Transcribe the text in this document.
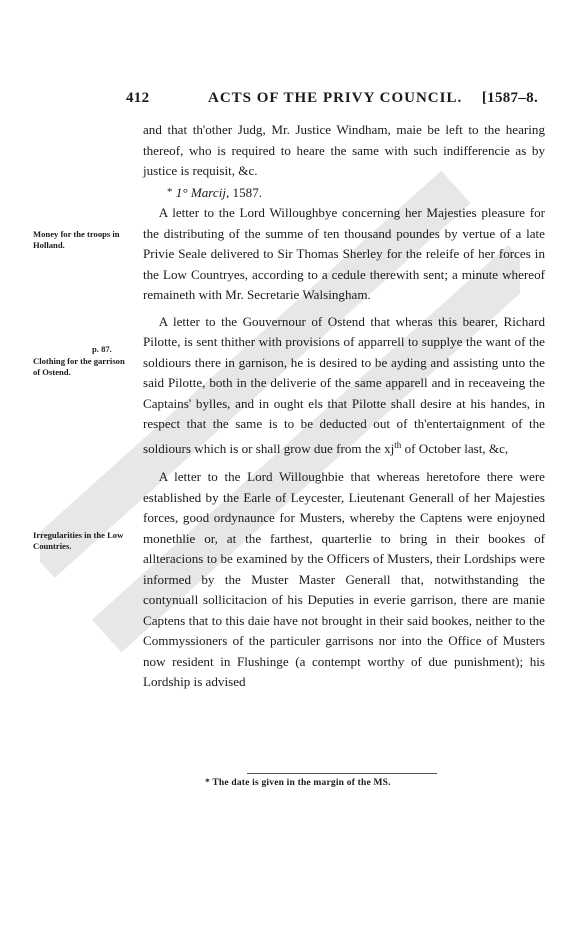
412	ACTS OF THE PRIVY COUNCIL. [1587–8.
Money for the troops in Holland.
p. 87.
Clothing for the garrison of Ostend.
Irregularities in the Low Countries.

and that th'other Judg, Mr. Justice Windham, maie be left to the hearing thereof, who is required to heare the same with such indifferencie as by justice is requisit, &c.

* 1° Marcij, 1587.

A letter to the Lord Willoughbye concerning her Majesties pleasure for the distributing of the summe of ten thousand poundes by vertue of a late Privie Seale delivered to Sir Thomas Sherley for the releife of her forces in the Low Countryes, according to a cedule therewith sent; a minute whereof remaineth with Mr. Secretarie Walsingham.

A letter to the Gouvernour of Ostend that wheras this bearer, Richard Pilotte, is sent thither with provisions of apparrell to supplye the want of the soldiours there in garnison, he is desired to be ayding and assisting unto the said Pilotte, both in the deliverie of the same apparell and in receaveing the Captains' bylles, and in ought els that Pilotte shall desire at his handes, in respect that the same is to be deducted out of th'entertaignment of the soldiours which is or shall grow due from the $xj^{th}$ of October last, &c,

A letter to the Lord Willoughbie that whereas heretofore there were established by the Earle of Leycester, Lieutenant Generall of her Majesties forces, good ordynaunce for Musters, whereby the Captens were enjoyned monethlie or, at the farthest, quarterlie to bring in their bookes of allteracions to be examined by the Officers of Musters, their Lordships were informed by the Muster Master Generall that, notwithstanding the contynuall sollicitacion of his Deputies in everie garrison, there are manie Captens that to this daie have not brought in their said bookes, neither to the Commyssioners of the particuler garrisons nor into the Office of Musters now resident in Flushinge (a contempt worthy of due punishment); his Lordship is advised

* The date is given in the margin of the MS.
